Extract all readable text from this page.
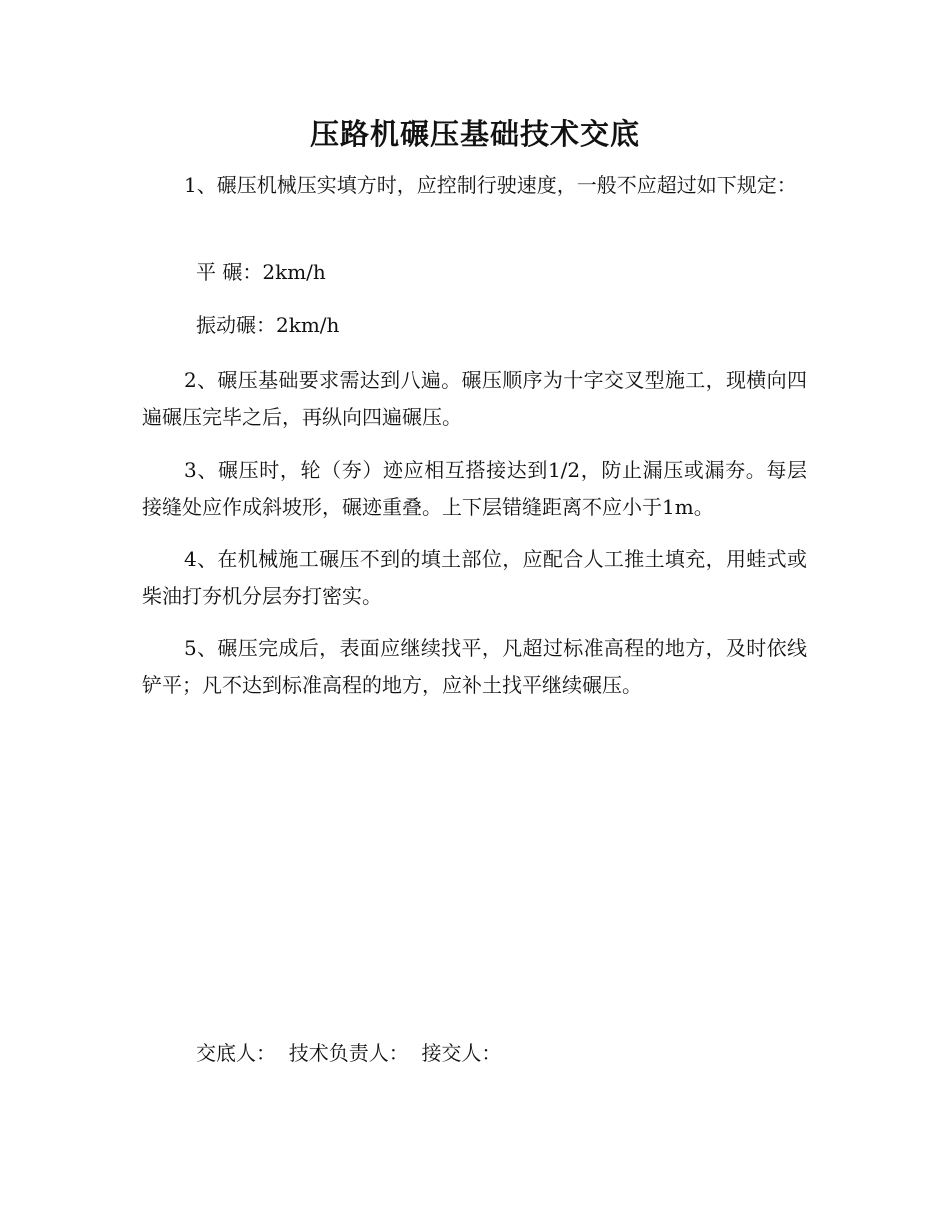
压路机碾压基础技术交底

1、碾压机械压实填方时，应控制行驶速度，一般不应超过如下规定：

平 碾：2km/h

振动碾：2km/h

2、碾压基础要求需达到八遍。碾压顺序为十字交叉型施工，现横向四遍碾压完毕之后，再纵向四遍碾压。

3、碾压时，轮（夯）迹应相互搭接达到1/2，防止漏压或漏夯。每层接缝处应作成斜坡形，碾迹重叠。上下层错缝距离不应小于1m。

4、在机械施工碾压不到的填土部位，应配合人工推土填充，用蛙式或柴油打夯机分层夯打密实。

5、碾压完成后，表面应继续找平，凡超过标准高程的地方，及时依线铲平；凡不达到标准高程的地方，应补土找平继续碾压。

交底人： 技术负责人： 接交人：
